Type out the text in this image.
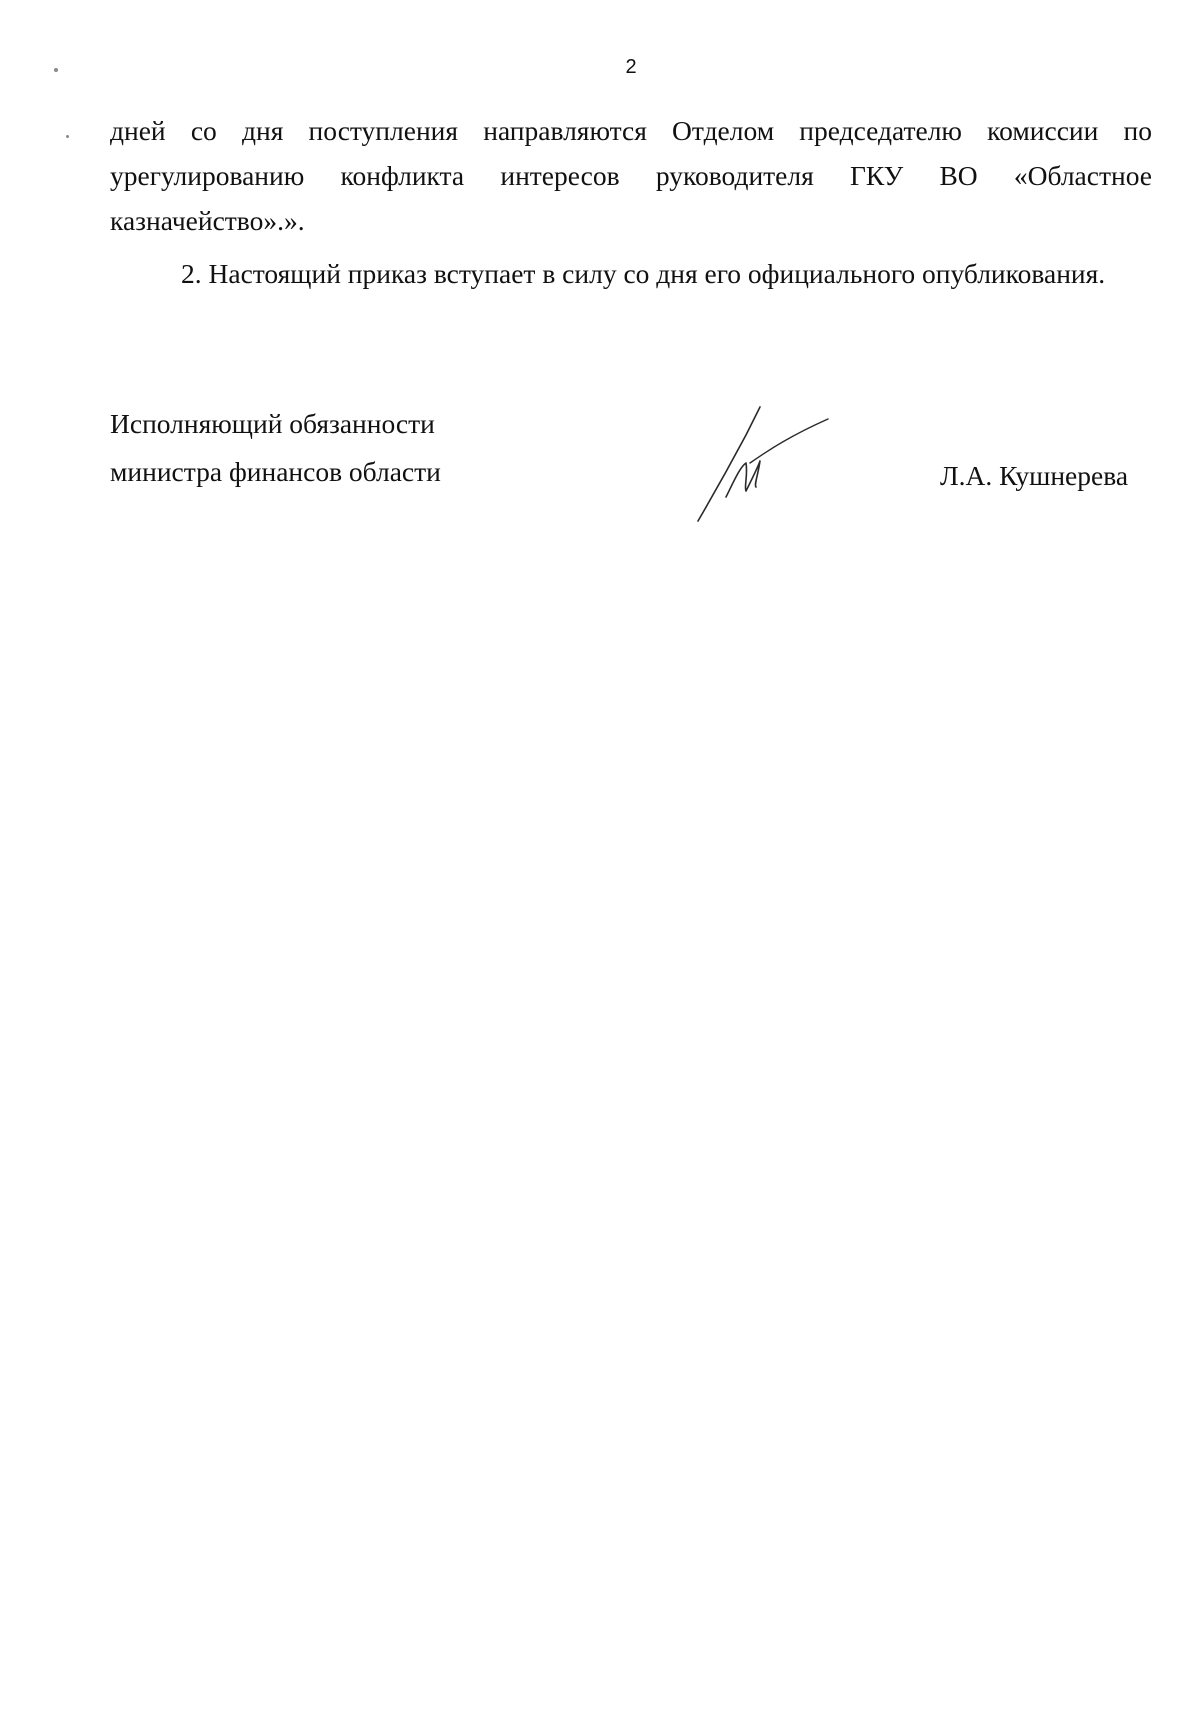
2
дней со дня поступления направляются Отделом председателю комиссии по
урегулированию конфликта интересов руководителя ГКУ ВО «Областное
казначейство».».
2. Настоящий приказ вступает в силу со дня его официального опубликования.
Исполняющий обязанности
министра финансов области	Л.А. Кушнерева
